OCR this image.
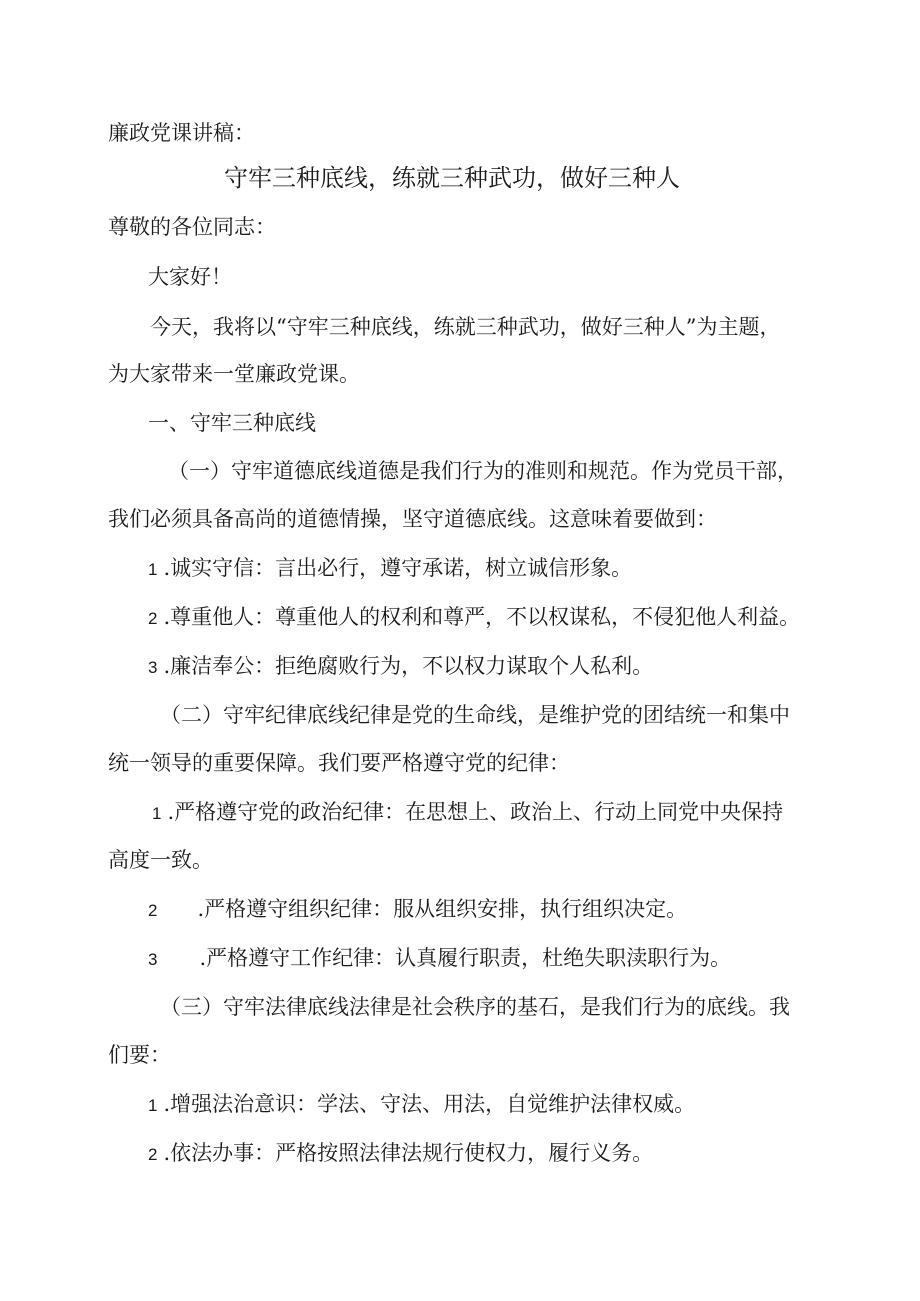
廉政党课讲稿：
守牢三种底线，练就三种武功，做好三种人
尊敬的各位同志：
大家好！
今天，我将以“守牢三种底线，练就三种武功，做好三种人”为主题，
为大家带来一堂廉政党课。
一、守牢三种底线
（一）守牢道德底线道德是我们行为的准则和规范。作为党员干部，
我们必须具备高尚的道德情操，坚守道德底线。这意味着要做到：
1 .诚实守信：言出必行，遵守承诺，树立诚信形象。
2 .尊重他人：尊重他人的权利和尊严，不以权谋私，不侵犯他人利益。
3 .廉洁奉公：拒绝腐败行为，不以权力谋取个人私利。
（二）守牢纪律底线纪律是党的生命线，是维护党的团结统一和集中
统一领导的重要保障。我们要严格遵守党的纪律：
1 .严格遵守党的政治纪律：在思想上、政治上、行动上同党中央保持
高度一致。
2 .严格遵守组织纪律：服从组织安排，执行组织决定。
3 .严格遵守工作纪律：认真履行职责，杜绝失职渎职行为。
（三）守牢法律底线法律是社会秩序的基石，是我们行为的底线。我
们要：
1 .增强法治意识：学法、守法、用法，自觉维护法律权威。
2 .依法办事：严格按照法律法规行使权力，履行义务。
